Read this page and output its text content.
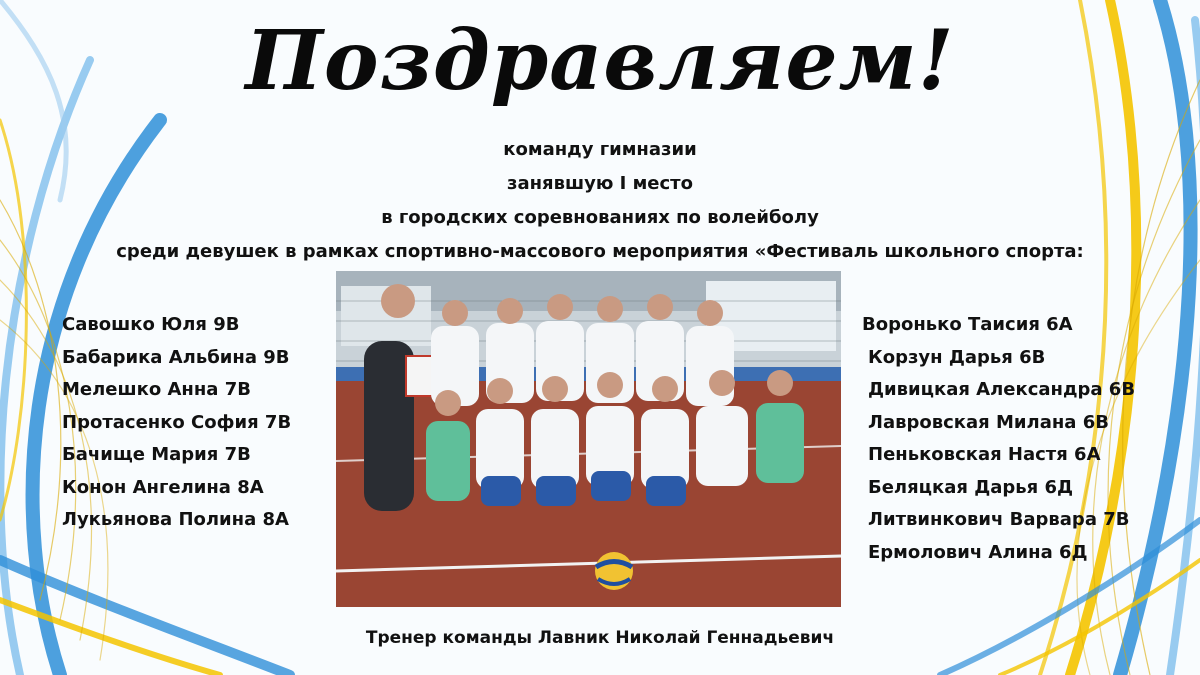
Поздравляем!
команду гимназии
занявшую I место
в городских соревнованиях по волейболу
среди девушек в рамках спортивно-массового мероприятия «Фестиваль школьного спорта:
Савошко Юля 9В
Бабарика Альбина 9В
Мелешко Анна 7В
Протасенко София 7В
Бачище Мария 7В
Конон Ангелина 8А
Лукьянова Полина 8А
Воронько Таисия 6А
Корзун Дарья 6В
Дивицкая Александра 6В
Лавровская Милана 6В
Пеньковская Настя 6А
Беляцкая Дарья 6Д
Литвинкович Варвара 7В
Ермолович Алина 6Д
Тренер команды Лавник Николай Геннадьевич
